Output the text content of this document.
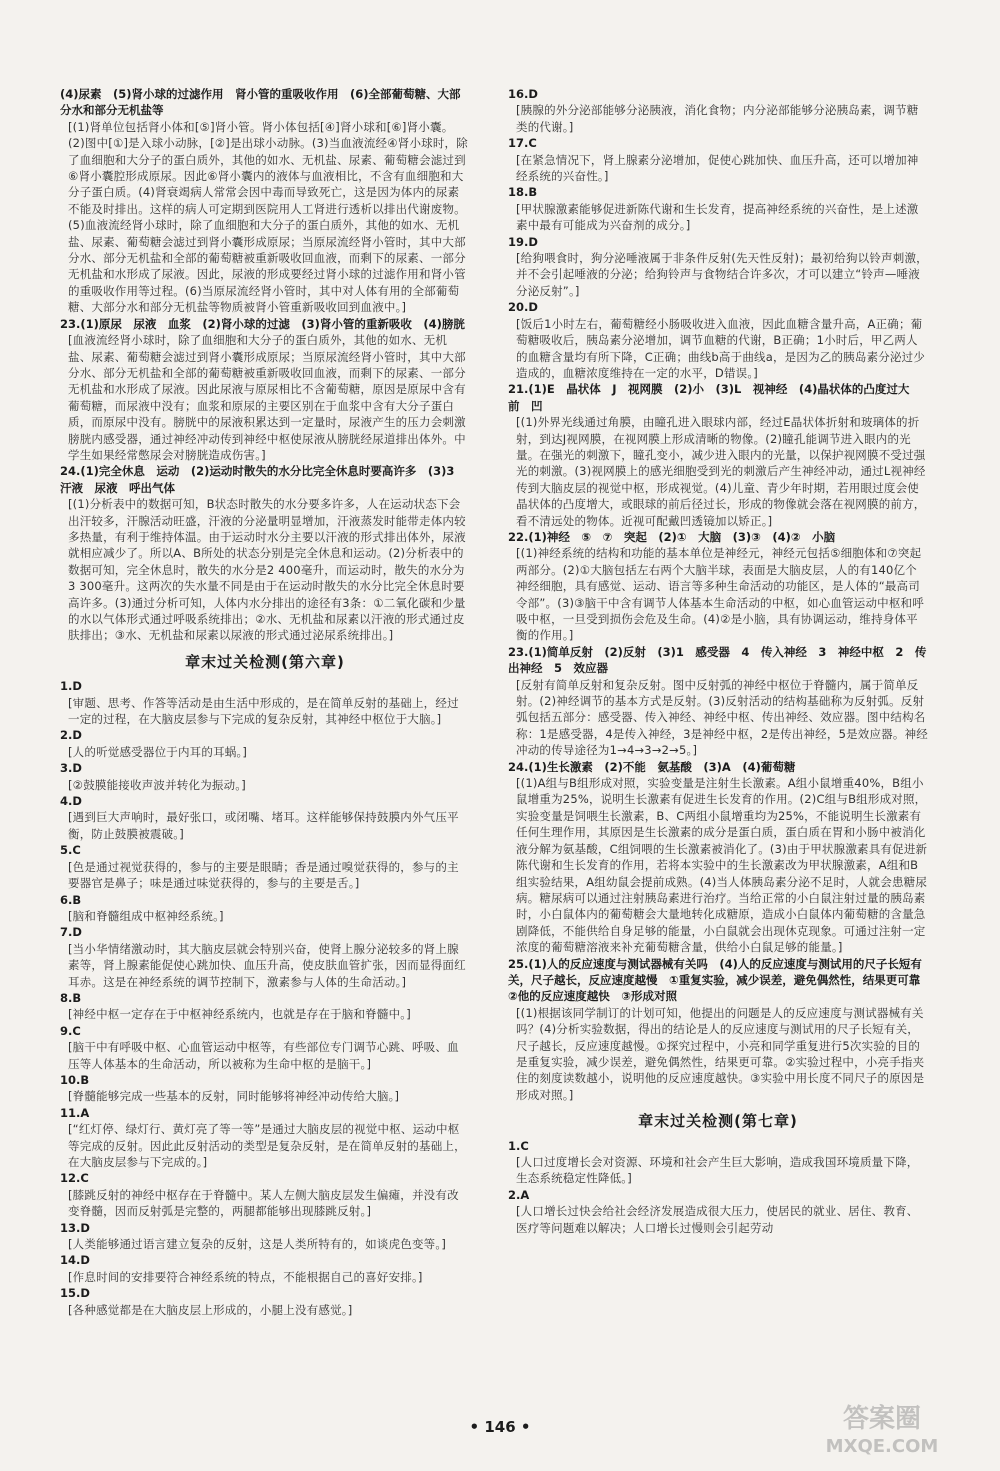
(4)尿素　(5)肾小球的过滤作用　肾小管的重吸收作用　(6)全部葡萄糖、大部分水和部分无机盐等
[(1)肾单位包括肾小体和[⑤]肾小管。肾小体包括[④]肾小球和[⑥]肾小囊。(2)图中[①]是入球小动脉，[②]是出球小动脉。(3)当血液流经④肾小球时，除了血细胞和大分子的蛋白质外，其他的如水、无机盐、尿素、葡萄糖会滤过到⑥肾小囊腔形成原尿。因此⑥肾小囊内的液体与血液相比，不含有血细胞和大分子蛋白质。(4)肾衰竭病人常常会因中毒而导致死亡，这是因为体内的尿素不能及时排出。这样的病人可定期到医院用人工肾进行透析以排出代谢废物。(5)血液流经肾小球时，除了血细胞和大分子的蛋白质外，其他的如水、无机盐、尿素、葡萄糖会滤过到肾小囊形成原尿；当原尿流经肾小管时，其中大部分水、部分无机盐和全部的葡萄糖被重新吸收回血液，而剩下的尿素、一部分无机盐和水形成了尿液。因此，尿液的形成要经过肾小球的过滤作用和肾小管的重吸收作用等过程。(6)当原尿流经肾小管时，其中对人体有用的全部葡萄糖、大部分水和部分无机盐等物质被肾小管重新吸收回到血液中。]
23.(1)原尿　尿液　血浆　(2)肾小球的过滤　(3)肾小管的重新吸收　(4)膀胱
[血液流经肾小球时，除了血细胞和大分子的蛋白质外，其他的如水、无机盐、尿素、葡萄糖会滤过到肾小囊形成原尿；当原尿流经肾小管时，其中大部分水、部分无机盐和全部的葡萄糖被重新吸收回血液，而剩下的尿素、一部分无机盐和水形成了尿液。因此尿液与原尿相比不含葡萄糖，原因是原尿中含有葡萄糖，而尿液中没有；血浆和原尿的主要区别在于血浆中含有大分子蛋白质，而原尿中没有。膀胱中的尿液积累达到一定量时，尿液产生的压力会刺激膀胱内感受器，通过神经冲动传到神经中枢使尿液从膀胱经尿道排出体外。中学生如果经常憋尿会对膀胱造成伤害。]
24.(1)完全休息　运动　(2)运动时散失的水分比完全休息时要高许多　(3)3　汗液　尿液　呼出气体
[(1)分析表中的数据可知，B状态时散失的水分要多许多，人在运动状态下会出汗较多，汗腺活动旺盛，汗液的分泌量明显增加，汗液蒸发时能带走体内较多热量，有利于维持体温。由于运动时水分主要以汗液的形式排出体外，尿液就相应减少了。所以A、B所处的状态分别是完全休息和运动。(2)分析表中的数据可知，完全休息时，散失的水分是2 400毫升，而运动时，散失的水分为3 300毫升。这两次的失水量不同是由于在运动时散失的水分比完全休息时要高许多。(3)通过分析可知，人体内水分排出的途径有3条：①二氧化碳和少量的水以气体形式通过呼吸系统排出；②水、无机盐和尿素以汗液的形式通过皮肤排出；③水、无机盐和尿素以尿液的形式通过泌尿系统排出。]
章末过关检测(第六章)
1.D
[审题、思考、作答等活动是由生活中形成的，是在简单反射的基础上，经过一定的过程，在大脑皮层参与下完成的复杂反射，其神经中枢位于大脑。]
2.D
[人的听觉感受器位于内耳的耳蜗。]
3.D
[②鼓膜能接收声波并转化为振动。]
4.D
[遇到巨大声响时，最好张口，或闭嘴、堵耳。这样能够保持鼓膜内外气压平衡，防止鼓膜被震破。]
5.C
[色是通过视觉获得的，参与的主要是眼睛；香是通过嗅觉获得的，参与的主要器官是鼻子；味是通过味觉获得的，参与的主要是舌。]
6.B
[脑和脊髓组成中枢神经系统。]
7.D
[当小华情绪激动时，其大脑皮层就会特别兴奋，使肾上腺分泌较多的肾上腺素等，肾上腺素能促使心跳加快、血压升高，使皮肤血管扩张，因而显得面红耳赤。这是在神经系统的调节控制下，激素参与人体的生命活动。]
8.B
[神经中枢一定存在于中枢神经系统内，也就是存在于脑和脊髓中。]
9.C
[脑干中有呼吸中枢、心血管运动中枢等，有些部位专门调节心跳、呼吸、血压等人体基本的生命活动，所以被称为生命中枢的是脑干。]
10.B
[脊髓能够完成一些基本的反射，同时能够将神经冲动传给大脑。]
11.A
[“红灯停、绿灯行、黄灯亮了等一等”是通过大脑皮层的视觉中枢、运动中枢等完成的反射。因此此反射活动的类型是复杂反射，是在简单反射的基础上，在大脑皮层参与下完成的。]
12.C
[膝跳反射的神经中枢存在于脊髓中。某人左侧大脑皮层发生偏瘫，并没有改变脊髓，因而反射弧是完整的，两腿都能够出现膝跳反射。]
13.D
[人类能够通过语言建立复杂的反射，这是人类所特有的，如谈虎色变等。]
14.D
[作息时间的安排要符合神经系统的特点，不能根据自己的喜好安排。]
15.D
[各种感觉都是在大脑皮层上形成的，小腿上没有感觉。]
16.D
[胰腺的外分泌部能够分泌胰液，消化食物；内分泌部能够分泌胰岛素，调节糖类的代谢。]
17.C
[在紧急情况下，肾上腺素分泌增加，促使心跳加快、血压升高，还可以增加神经系统的兴奋性。]
18.B
[甲状腺激素能够促进新陈代谢和生长发育，提高神经系统的兴奋性，是上述激素中最有可能成为兴奋剂的成分。]
19.D
[给狗喂食时，狗分泌唾液属于非条件反射(先天性反射)；最初给狗以铃声刺激，并不会引起唾液的分泌；给狗铃声与食物结合许多次，才可以建立“铃声—唾液分泌反射”。]
20.D
[饭后1小时左右，葡萄糖经小肠吸收进入血液，因此血糖含量升高，A正确；葡萄糖吸收后，胰岛素分泌增加，调节血糖的代谢，B正确；1小时后，甲乙两人的血糖含量均有所下降，C正确；曲线b高于曲线a，是因为乙的胰岛素分泌过少造成的，血糖浓度维持在一定的水平，D错误。]
21.(1)E　晶状体　J　视网膜　(2)小　(3)L　视神经　(4)晶状体的凸度过大　前　凹
[(1)外界光线通过角膜，由瞳孔进入眼球内部，经过E晶状体折射和玻璃体的折射，到达J视网膜，在视网膜上形成清晰的物像。(2)瞳孔能调节进入眼内的光量。在强光的刺激下，瞳孔变小，减少进入眼内的光量，以保护视网膜不受过强光的刺激。(3)视网膜上的感光细胞受到光的刺激后产生神经冲动，通过L视神经传到大脑皮层的视觉中枢，形成视觉。(4)儿童、青少年时期，若用眼过度会使晶状体的凸度增大，或眼球的前后径过长，形成的物像就会落在视网膜的前方，看不清远处的物体。近视可配戴凹透镜加以矫正。]
22.(1)神经　⑤　⑦　突起　(2)①　大脑　(3)③　(4)②　小脑
[(1)神经系统的结构和功能的基本单位是神经元，神经元包括⑤细胞体和⑦突起两部分。(2)①大脑包括左右两个大脑半球，表面是大脑皮层，人的有140亿个神经细胞，具有感觉、运动、语言等多种生命活动的功能区，是人体的“最高司令部”。(3)③脑干中含有调节人体基本生命活动的中枢，如心血管运动中枢和呼吸中枢，一旦受到损伤会危及生命。(4)②是小脑，具有协调运动，维持身体平衡的作用。]
23.(1)简单反射　(2)反射　(3)1　感受器　4　传入神经　3　神经中枢　2　传出神经　5　效应器
[反射有简单反射和复杂反射。图中反射弧的神经中枢位于脊髓内，属于简单反射。(2)神经调节的基本方式是反射。(3)反射活动的结构基础称为反射弧。反射弧包括五部分：感受器、传入神经、神经中枢、传出神经、效应器。图中结构名称：1是感受器，4是传入神经，3是神经中枢，2是传出神经，5是效应器。神经冲动的传导途径为1→4→3→2→5。]
24.(1)生长激素　(2)不能　氨基酸　(3)A　(4)葡萄糖
[(1)A组与B组形成对照，实验变量是注射生长激素。A组小鼠增重40%，B组小鼠增重为25%，说明生长激素有促进生长发育的作用。(2)C组与B组形成对照，实验变量是饲喂生长激素，B、C两组小鼠增重均为25%，不能说明生长激素有任何生理作用，其原因是生长激素的成分是蛋白质，蛋白质在胃和小肠中被消化液分解为氨基酸，C组饲喂的生长激素被消化了。(3)由于甲状腺激素具有促进新陈代谢和生长发育的作用，若将本实验中的生长激素改为甲状腺激素，A组和B组实验结果，A组幼鼠会提前成熟。(4)当人体胰岛素分泌不足时，人就会患糖尿病。糖尿病可以通过注射胰岛素进行治疗。当给正常的小白鼠注射过量的胰岛素时，小白鼠体内的葡萄糖会大量地转化成糖原，造成小白鼠体内葡萄糖的含量急剧降低，不能供给自身足够的能量，小白鼠就会出现休克现象。可通过注射一定浓度的葡萄糖溶液来补充葡萄糖含量，供给小白鼠足够的能量。]
25.(1)人的反应速度与测试器械有关吗　(4)人的反应速度与测试用的尺子长短有关，尺子越长，反应速度越慢　①重复实验，减少误差，避免偶然性，结果更可靠　②他的反应速度越快　③形成对照
[(1)根据该同学制订的计划可知，他提出的问题是人的反应速度与测试器械有关吗？(4)分析实验数据，得出的结论是人的反应速度与测试用的尺子长短有关，尺子越长，反应速度越慢。①探究过程中，小亮和同学重复进行5次实验的目的是重复实验，减少误差，避免偶然性，结果更可靠。②实验过程中，小亮手指夹住的刻度读数越小，说明他的反应速度越快。③实验中用长度不同尺子的原因是形成对照。]
章末过关检测(第七章)
1.C
[人口过度增长会对资源、环境和社会产生巨大影响，造成我国环境质量下降，生态系统稳定性降低。]
2.A
[人口增长过快会给社会经济发展造成很大压力，使居民的就业、居住、教育、医疗等问题难以解决；人口增长过慢则会引起劳动
• 146 •	答案圈
MXQE.COM
